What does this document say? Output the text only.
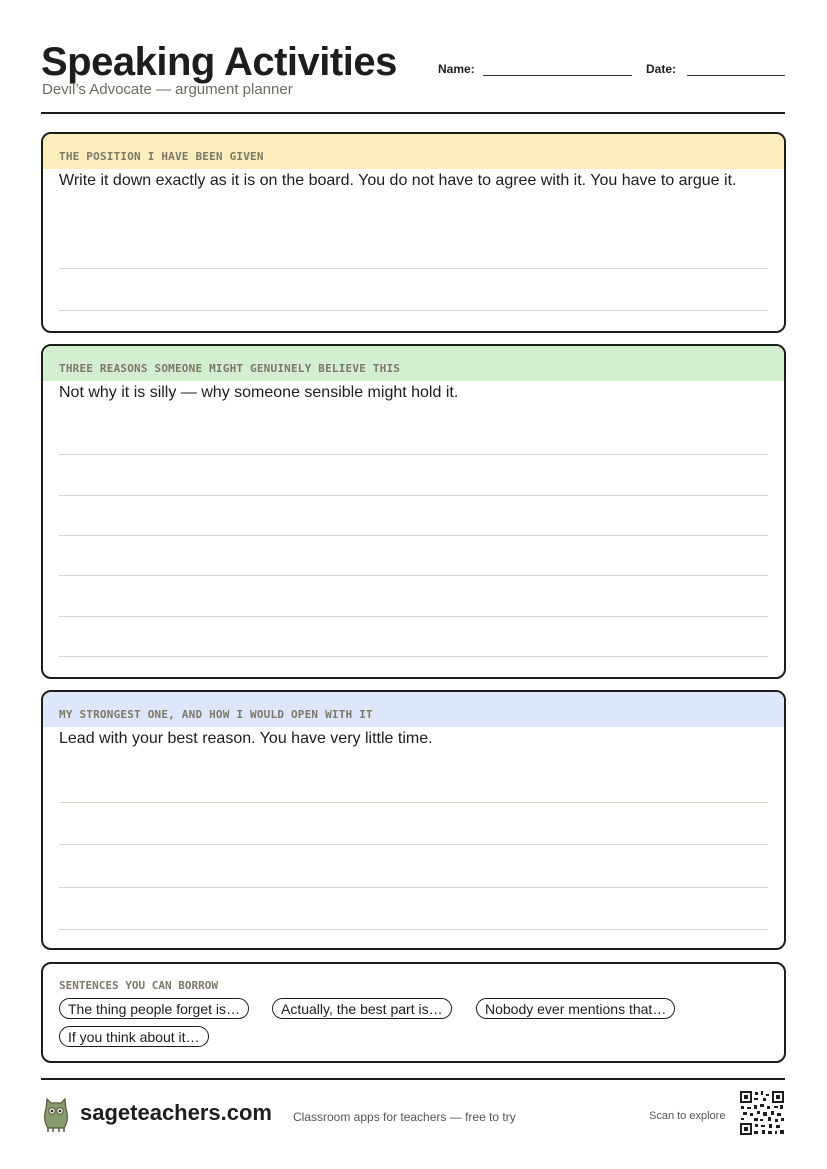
Speaking Activities
Devil’s Advocate — argument planner
Name:	Date:
THE POSITION I HAVE BEEN GIVEN
Write it down exactly as it is on the board. You do not have to agree with it. You have to argue it.
THREE REASONS SOMEONE MIGHT GENUINELY BELIEVE THIS
Not why it is silly — why someone sensible might hold it.
MY STRONGEST ONE, AND HOW I WOULD OPEN WITH IT
Lead with your best reason. You have very little time.
SENTENCES YOU CAN BORROW
The thing people forget is…	Actually, the best part is…	Nobody ever mentions that…
If you think about it…
sageteachers.com Classroom apps for teachers — free to try	Scan to explore
